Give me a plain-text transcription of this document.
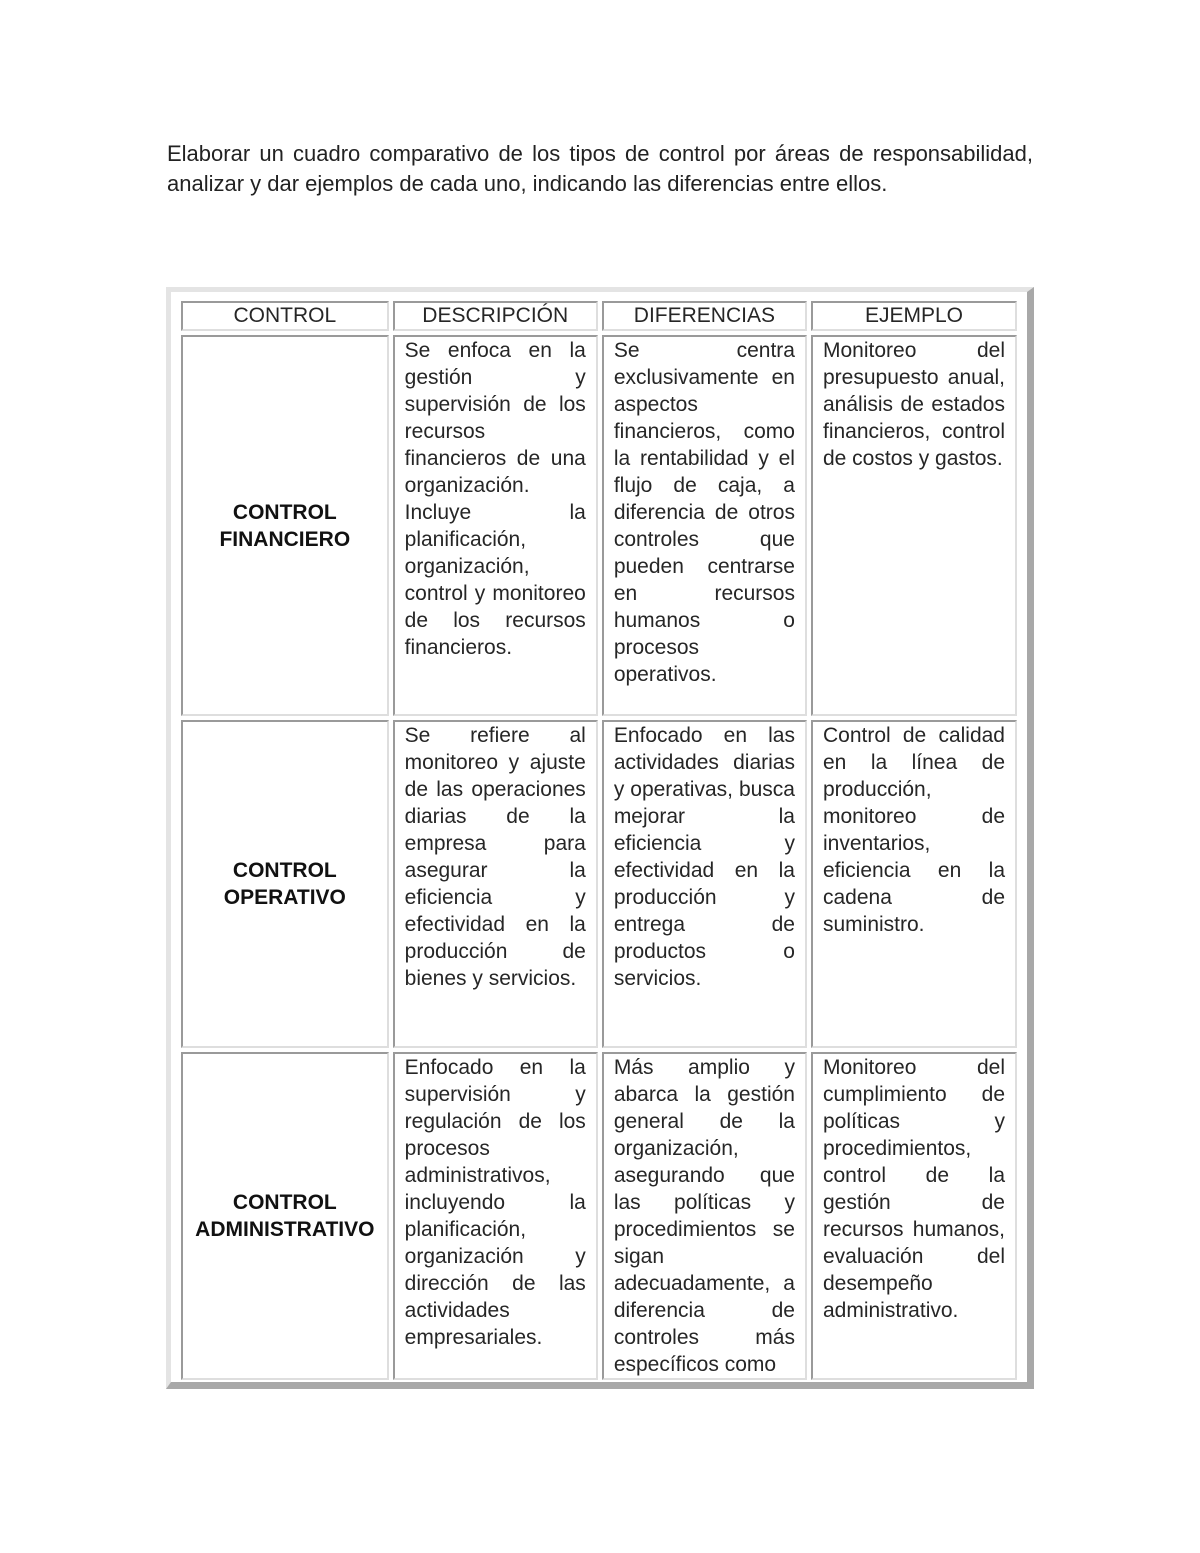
Elaborar un cuadro comparativo de los tipos de control por áreas de responsabilidad, analizar y dar ejemplos de cada uno, indicando las diferencias entre ellos.

CONTROL	DESCRIPCIÓN	DIFERENCIAS	EJEMPLO
CONTROL
FINANCIERO	Se enfoca en la gestión y supervisión de los recursos financieros de una organización. Incluye la planificación, organización, control y monitoreo de los recursos financieros.	Se centra exclusivamente en aspectos financieros, como la rentabilidad y el flujo de caja, a diferencia de otros controles que pueden centrarse en recursos humanos o procesos operativos.	Monitoreo del presupuesto anual, análisis de estados financieros, control de costos y gastos.
CONTROL
OPERATIVO	Se refiere al monitoreo y ajuste de las operaciones diarias de la empresa para asegurar la eficiencia y efectividad en la producción de bienes y servicios.	Enfocado en las actividades diarias y operativas, busca mejorar la eficiencia y efectividad en la producción y entrega de productos o servicios.	Control de calidad en la línea de producción, monitoreo de inventarios, eficiencia en la cadena de suministro.
CONTROL
ADMINISTRATIVO	Enfocado en la supervisión y regulación de los procesos administrativos, incluyendo la planificación, organización y dirección de las actividades empresariales.	Más amplio y abarca la gestión general de la organización, asegurando que las políticas y procedimientos se sigan adecuadamente, a diferencia de controles más específicos como	Monitoreo del cumplimiento de políticas y procedimientos, control de la gestión de recursos humanos, evaluación del desempeño administrativo.
